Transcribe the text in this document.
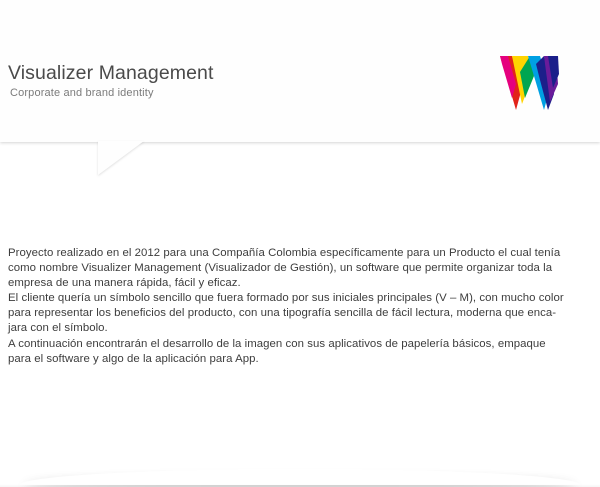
Visualizer Management
Corporate and brand identity

Proyecto realizado en el 2012 para una Compañía Colombia específicamente para un Producto el cual tenía

como nombre Visualizer Management (Visualizador de Gestión), un software que permite organizar toda la

empresa de una manera rápida, fácil y eficaz.

El cliente quería un símbolo sencillo que fuera formado por sus iniciales principales (V – M), con mucho color

para representar los beneficios del producto, con una tipografía sencilla de fácil lectura, moderna que enca-

jara con el símbolo.

A continuación encontrarán el desarrollo de la imagen con sus aplicativos de papelería básicos, empaque

para el software y algo de la aplicación para App.
